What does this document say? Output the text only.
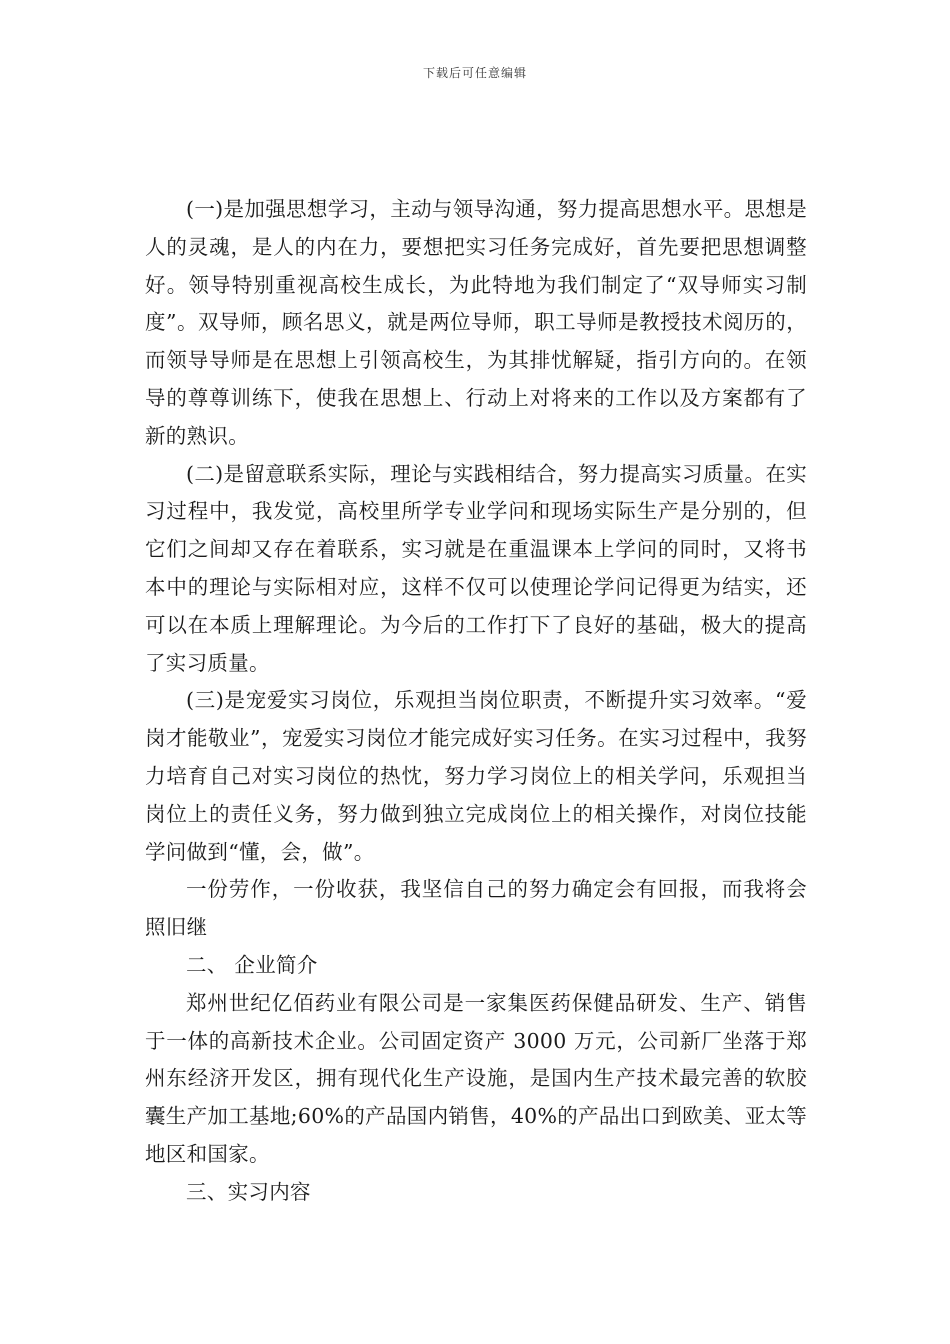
下载后可任意编辑

(一)是加强思想学习，主动与领导沟通，努力提高思想水平。思想是人的灵魂，是人的内在力，要想把实习任务完成好，首先要把思想调整好。领导特别重视高校生成长，为此特地为我们制定了“双导师实习制度”。双导师，顾名思义，就是两位导师，职工导师是教授技术阅历的，而领导导师是在思想上引领高校生，为其排忧解疑，指引方向的。在领导的尊尊训练下，使我在思想上、行动上对将来的工作以及方案都有了新的熟识。

(二)是留意联系实际，理论与实践相结合，努力提高实习质量。在实习过程中，我发觉，高校里所学专业学问和现场实际生产是分别的，但它们之间却又存在着联系，实习就是在重温课本上学问的同时，又将书本中的理论与实际相对应，这样不仅可以使理论学问记得更为结实，还可以在本质上理解理论。为今后的工作打下了良好的基础，极大的提高了实习质量。

(三)是宠爱实习岗位，乐观担当岗位职责，不断提升实习效率。“爱岗才能敬业”，宠爱实习岗位才能完成好实习任务。在实习过程中，我努力培育自己对实习岗位的热忱，努力学习岗位上的相关学问，乐观担当岗位上的责任义务，努力做到独立完成岗位上的相关操作，对岗位技能学问做到“懂，会，做”。

一份劳作，一份收获，我坚信自己的努力确定会有回报，而我将会照旧继

二、 企业简介

郑州世纪亿佰药业有限公司是一家集医药保健品研发、生产、销售于一体的高新技术企业。公司固定资产 3000 万元，公司新厂坐落于郑州东经济开发区，拥有现代化生产设施，是国内生产技术最完善的软胶囊生产加工基地;60%的产品国内销售，40%的产品出口到欧美、亚太等地区和国家。

三、实习内容
